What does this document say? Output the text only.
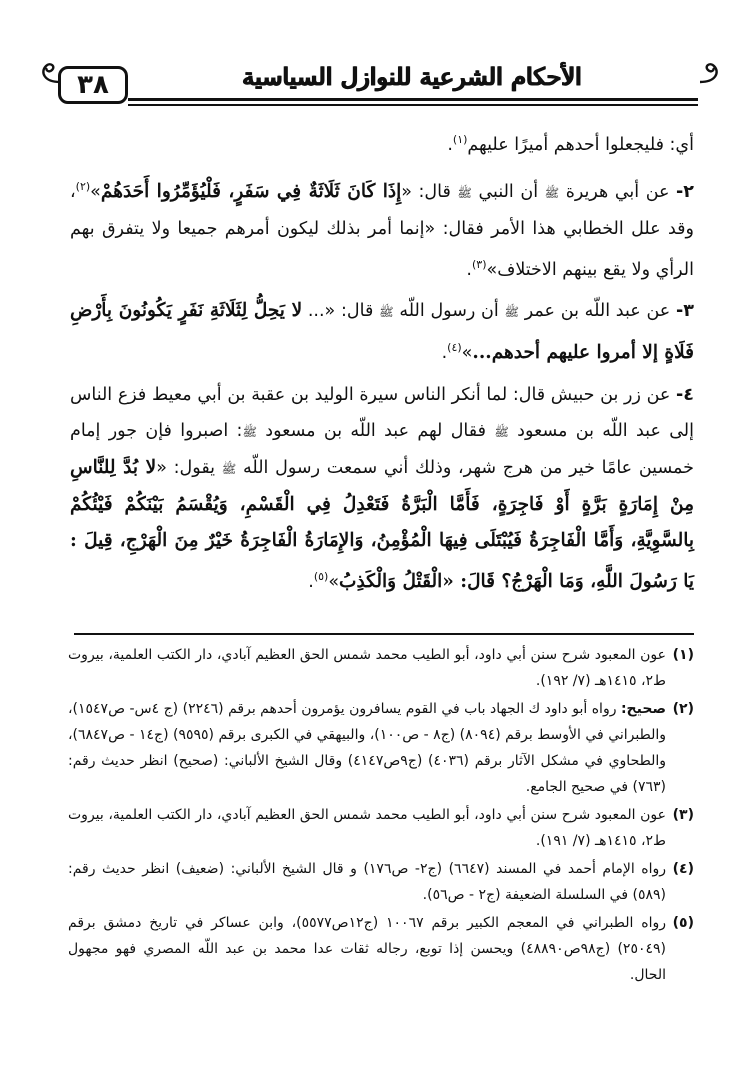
٣٨	الأحكام الشرعية للنوازل السياسية

أي: فليجعلوا أحدهم أميرًا عليهم$^{(١)}$.

٢- عن أبي هريرة ﷺ أن النبي ﷺ قال: «إِذَا كَانَ ثَلَاثَةٌ فِي سَفَرٍ، فَلْيُؤَمِّرُوا أَحَدَهُمْ»$^{(٢)}$، وقد علل الخطابي هذا الأمر فقال: «إنما أمر بذلك ليكون أمرهم جميعا ولا يتفرق بهم الرأي ولا يقع بينهم الاختلاف»$^{(٣)}$.

٣- عن عبد اللّه بن عمر ﷺ أن رسول اللّه ﷺ قال: «... لا يَحِلُّ لِثَلَاثَةِ نَفَرٍ يَكُونُونَ بِأَرْضِ فَلَاةٍ إلا أمروا عليهم أحدهم...»$^{(٤)}$.

٤- عن زر بن حبيش قال: لما أنكر الناس سيرة الوليد بن عقبة بن أبي معيط فزع الناس إلى عبد اللّه بن مسعود ﷺ فقال لهم عبد اللّه بن مسعود ﷺ: اصبروا فإن جور إمام خمسين عامًا خير من هرج شهر، وذلك أني سمعت رسول اللّه ﷺ يقول: «لا بُدَّ لِلنَّاسِ مِنْ إِمَارَةٍ بَرَّةٍ أَوْ فَاجِرَةٍ، فَأَمَّا الْبَرَّةُ فَتَعْدِلُ فِي الْقَسْمِ، وَيُقْسَمُ بَيْنَكُمْ فَيْئُكُمْ بِالسَّوِيَّةِ، وَأَمَّا الْفَاجِرَةُ فَيُبْتَلَى فِيهَا الْمُؤْمِنُ، وَالإِمَارَةُ الْفَاجِرَةُ خَيْرٌ مِنَ الْهَرْجِ، قِيلَ : يَا رَسُولَ اللَّهِ، وَمَا الْهَرْجُ؟ قَالَ: «الْقَتْلُ وَالْكَذِبُ»$^{(٥)}$.

(١)
عون المعبود شرح سنن أبي داود، أبو الطيب محمد شمس الحق العظيم آبادي، دار الكتب العلمية، بيروت ط٢، ١٤١٥هـ (٧/ ١٩٢).
(٢)
صحيح: رواه أبو داود ك الجهاد باب في القوم يسافرون يؤمرون أحدهم برقم (٢٢٤٦) (ج ٤س- ص١٥٤٧)، والطبراني في الأوسط برقم (٨٠٩٤) (ج٨ - ص١٠٠)، والبيهقي في الكبرى برقم (٩٥٩٥) (ج١٤ - ص٦٨٤٧)، والطحاوي في مشكل الآثار برقم (٤٠٣٦) (ج٩ص٤١٤٧) وقال الشيخ الألباني: (صحيح) انظر حديث رقم: (٧٦٣) في صحيح الجامع.
(٣)
عون المعبود شرح سنن أبي داود، أبو الطيب محمد شمس الحق العظيم آبادي، دار الكتب العلمية، بيروت ط٢، ١٤١٥هـ (٧/ ١٩١).
(٤)
رواه الإمام أحمد في المسند (٦٦٤٧) (ج٢- ص١٧٦) و قال الشيخ الألباني: (ضعيف) انظر حديث رقم: (٥٨٩) في السلسلة الضعيفة (ج٢ - ص٥٦).
(٥)
رواه الطبراني في المعجم الكبير برقم ١٠٠٦٧ (ج١٢ص٥٥٧٧)، وابن عساكر في تاريخ دمشق برقم (٢٥٠٤٩) (ج٩٨ص٤٨٨٩٠) ويحسن إذا توبع، رجاله ثقات عدا محمد بن عبد اللّه المصري فهو مجهول الحال.
